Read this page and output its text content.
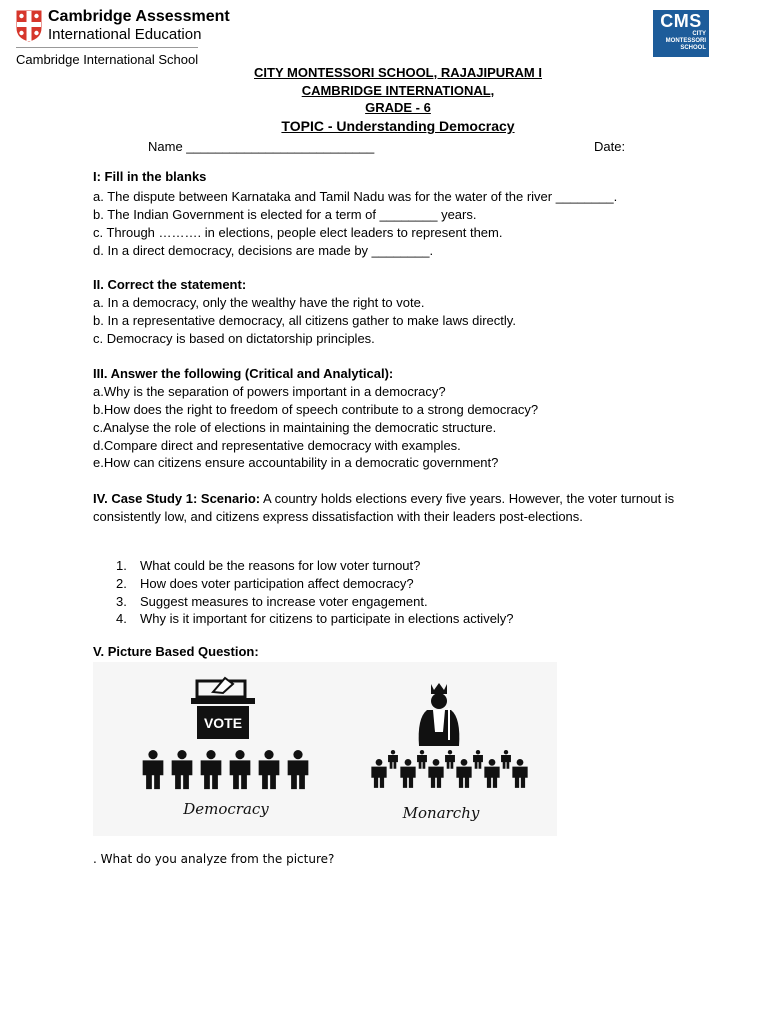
Cambridge Assessment
International Education
Cambridge International School
CMS
CITY
MONTESSORI
SCHOOL
CITY MONTESSORI SCHOOL, RAJAJIPURAM I
CAMBRIDGE INTERNATIONAL,
GRADE - 6
TOPIC - Understanding Democracy
Name __________________________	Date:
I: Fill in the blanks
a. The dispute between Karnataka and Tamil Nadu was for the water of the river ________.
b. The Indian Government is elected for a term of ________ years.
c. Through ………. in elections, people elect leaders to represent them.
d. In a direct democracy, decisions are made by ________.
II. Correct the statement:
a. In a democracy, only the wealthy have the right to vote.
b. In a representative democracy, all citizens gather to make laws directly.
c. Democracy is based on dictatorship principles.
III. Answer the following (Critical and Analytical):
a.Why is the separation of powers important in a democracy?
b.How does the right to freedom of speech contribute to a strong democracy?
c.Analyse the role of elections in maintaining the democratic structure.
d.Compare direct and representative democracy with examples.
e.How can citizens ensure accountability in a democratic government?
IV. Case Study 1: Scenario: A country holds elections every five years. However, the voter turnout is consistently low, and citizens express dissatisfaction with their leaders post-elections.
1. What could be the reasons for low voter turnout?
2. How does voter participation affect democracy?
3. Suggest measures to increase voter engagement.
4. Why is it important for citizens to participate in elections actively?
V. Picture Based Question:
VOTE
Democracy	Monarchy
. What do you analyze from the picture?
